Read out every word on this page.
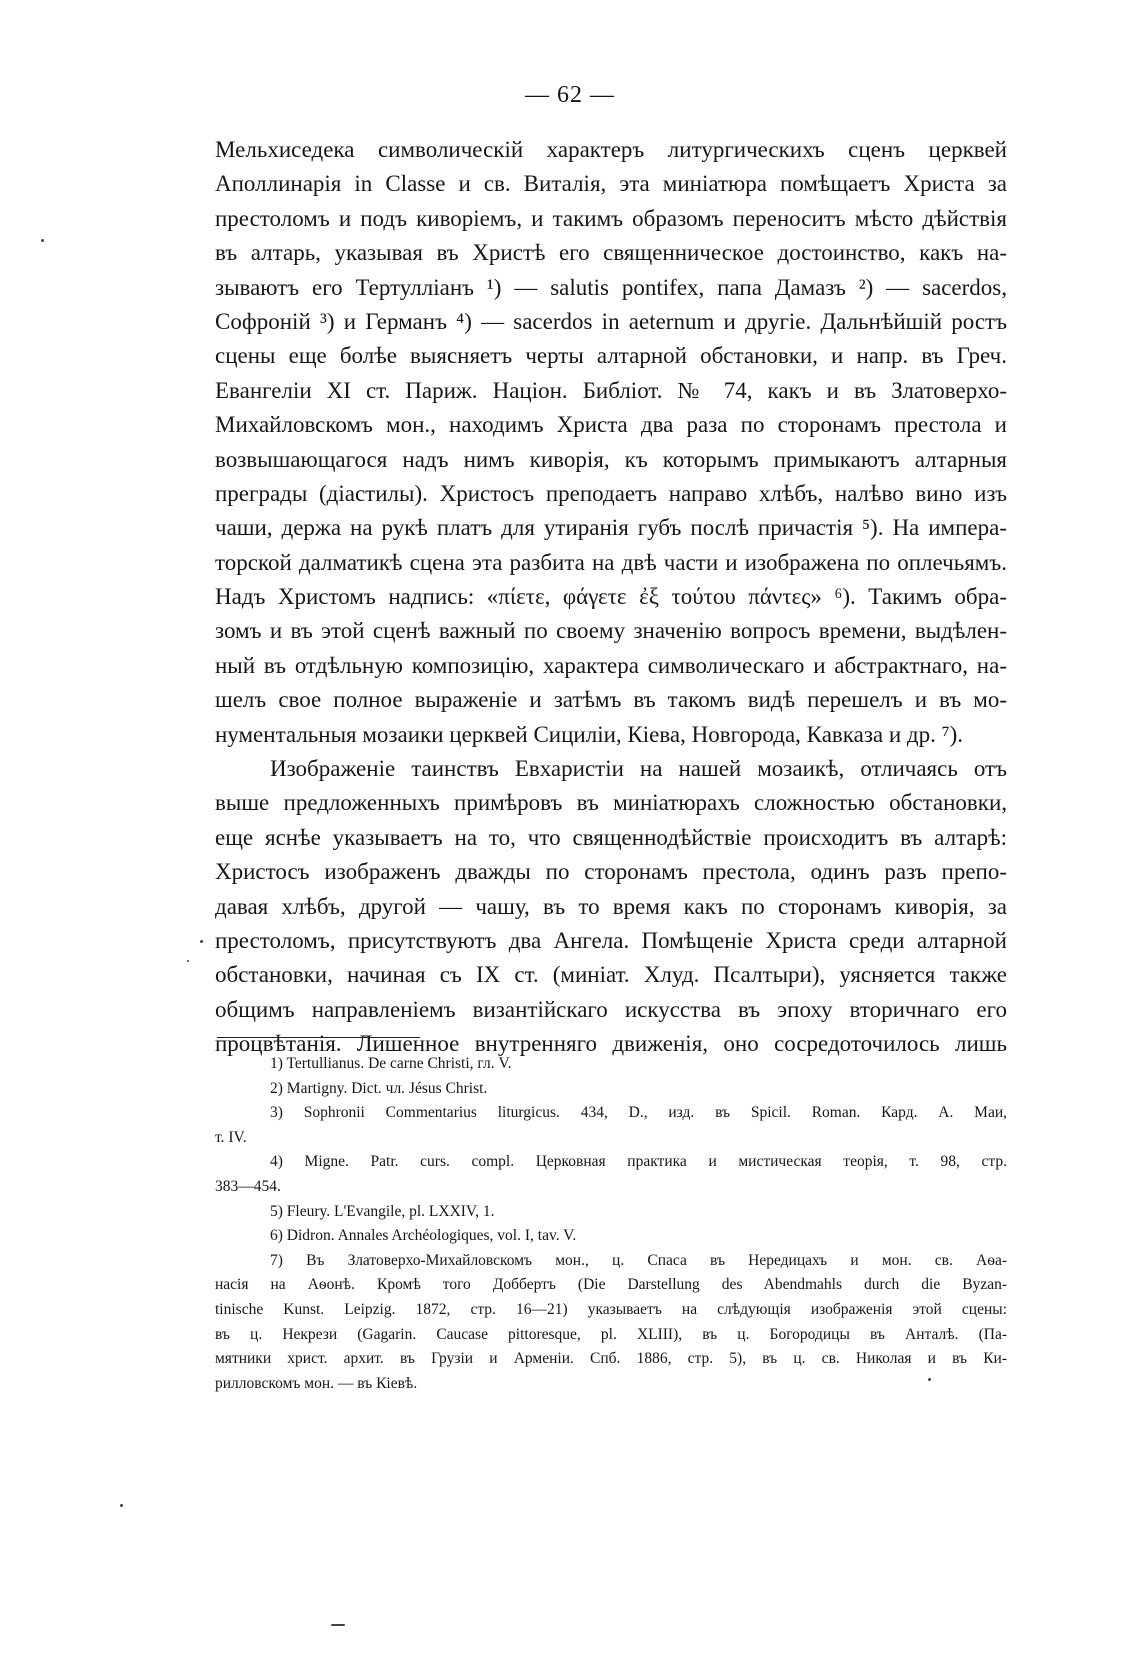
— 62 —
Мельхиседека символическій характеръ литургическихъ сценъ церквей
Аполлинарія in Classe и св. Виталія, эта миніатюра помѣщаетъ Христа за
престоломъ и подъ киворіемъ, и такимъ образомъ переноситъ мѣсто дѣйствія
въ алтарь, указывая въ Христѣ его священническое достоинство, какъ на-
зываютъ его Тертулліанъ ¹) — salutis pontifex, папа Дамазъ ²) — sacerdos,
Софроній ³) и Германъ ⁴) — sacerdos in aeternum и другіе. Дальнѣйшій ростъ
сцены еще болѣе выясняетъ черты алтарной обстановки, и напр. въ Греч.
Евангеліи XI ст. Париж. Націон. Библіот. № 74, какъ и въ Златоверхо-
Михайловскомъ мон., находимъ Христа два раза по сторонамъ престола и
возвышающагося надъ нимъ киворія, къ которымъ примыкаютъ алтарныя
преграды (діастилы). Христосъ преподаетъ направо хлѣбъ, налѣво вино изъ
чаши, держа на рукѣ платъ для утиранія губъ послѣ причастія ⁵). На импера-
торской далматикѣ сцена эта разбита на двѣ части и изображена по оплечьямъ.
Надъ Христомъ надпись: «πίετε, φάγετε ἐξ τούτου πάντες» ⁶). Такимъ обра-
зомъ и въ этой сценѣ важный по своему значенію вопросъ времени, выдѣлен-
ный въ отдѣльную композицію, характера символическаго и абстрактнаго, на-
шелъ свое полное выраженіе и затѣмъ въ такомъ видѣ перешелъ и въ мо-
нументальныя мозаики церквей Сициліи, Кіева, Новгорода, Кавказа и др. ⁷).
Изображеніе таинствъ Евхаристіи на нашей мозаикѣ, отличаясь отъ
выше предложенныхъ примѣровъ въ миніатюрахъ сложностью обстановки,
еще яснѣе указываетъ на то, что священнодѣйствіе происходитъ въ алтарѣ:
Христосъ изображенъ дважды по сторонамъ престола, одинъ разъ препо-
давая хлѣбъ, другой — чашу, въ то время какъ по сторонамъ киворія, за
престоломъ, присутствуютъ два Ангела. Помѣщеніе Христа среди алтарной
обстановки, начиная съ IX ст. (миніат. Хлуд. Псалтыри), уясняется также
общимъ направленіемъ византійскаго искусства въ эпоху вторичнаго его
процвѣтанія. Лишенное внутренняго движенія, оно сосредоточилось лишь
1) Tertullianus. De carne Christi, гл. V.
2) Martigny. Dict. чл. Jésus Christ.
3) Sophronii Commentarius liturgicus. 434, D., изд. въ Spicil. Roman. Кард. А. Маи,
т. IV.
4) Migne. Patr. curs. compl. Церковная практика и мистическая теорія, т. 98, стр.
383—454.
5) Fleury. L'Evangile, pl. LXXIV, 1.
6) Didron. Annales Archéologiques, vol. I, tav. V.
7) Въ Златоверхо-Михайловскомъ мон., ц. Спаса въ Нередицахъ и мон. св. Аѳа-
насія на Аѳонѣ. Кромѣ того Доббертъ (Die Darstellung des Abendmahls durch die Byzan-
tinische Kunst. Leipzig. 1872, стр. 16—21) указываетъ на слѣдующія изображенія этой сцены:
въ ц. Некрези (Gagarin. Caucase pittoresque, pl. XLIII), въ ц. Богородицы въ Анталѣ. (Па-
мятники христ. архит. въ Грузіи и Арменіи. Спб. 1886, стр. 5), въ ц. св. Николая и въ Ки-
рилловскомъ мон. — въ Кіевѣ.
